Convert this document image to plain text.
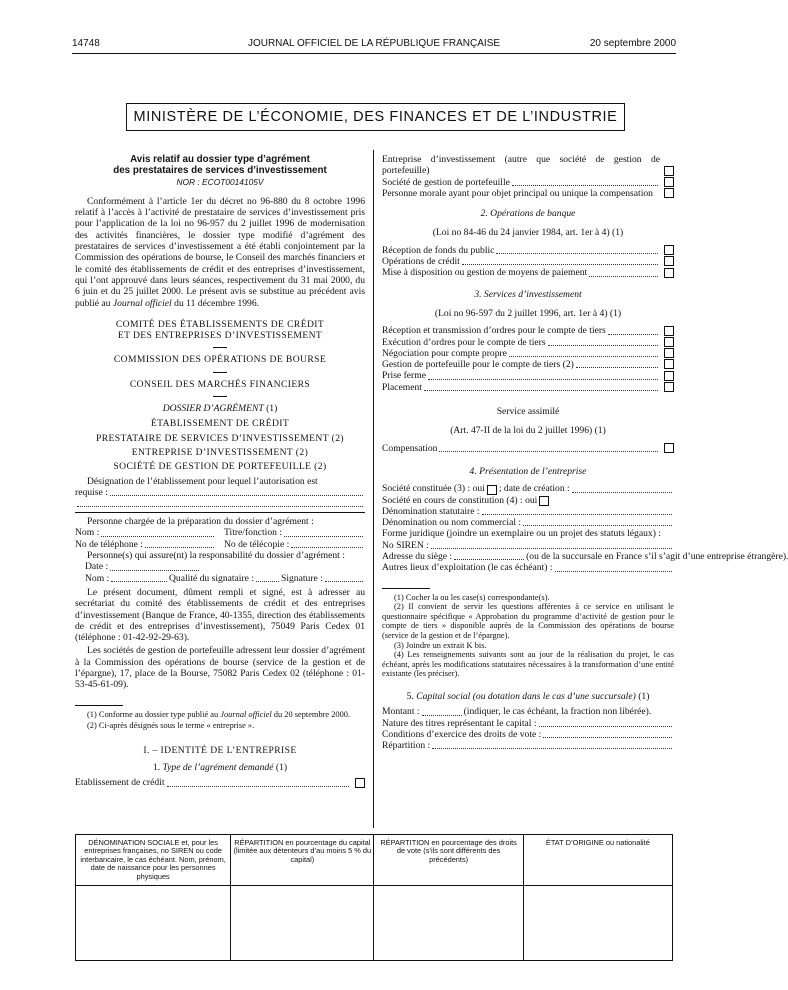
14748	JOURNAL OFFICIEL DE LA RÉPUBLIQUE FRANÇAISE	20 septembre 2000
MINISTÈRE DE L’ÉCONOMIE, DES FINANCES ET DE L’INDUSTRIE

Avis relatif au dossier type d’agrément

des prestataires de services d’investissement

NOR : ECOT0014105V

Conformément à l’article 1er du décret no 96-880 du 8 octobre 1996 relatif à l’accès à l’activité de prestataire de services d’investissement pris pour l’application de la loi no 96-957 du 2 juillet 1996 de modernisation des activités financières, le dossier type modifié d’agrément des prestataires de services d’investissement a été établi conjointement par la Commission des opérations de bourse, le Conseil des marchés financiers et le comité des établissements de crédit et des entreprises d’investissement, qui l’ont approuvé dans leurs séances, respectivement du 31 mai 2000, du 6 juin et du 25 juillet 2000. Le présent avis se substitue au précédent avis publié au Journal officiel du 11 décembre 1996.

COMITÉ DES ÉTABLISSEMENTS DE CRÉDIT

ET DES ENTREPRISES D’INVESTISSEMENT

COMMISSION DES OPÉRATIONS DE BOURSE

CONSEIL DES MARCHÉS FINANCIERS

DOSSIER D’AGRÉMENT (1)

ÉTABLISSEMENT DE CRÉDIT

PRESTATAIRE DE SERVICES D’INVESTISSEMENT (2)

ENTREPRISE D’INVESTISSEMENT (2)

SOCIÉTÉ DE GESTION DE PORTEFEUILLE (2)

Désignation de l’établissement pour lequel l’autorisation est

requise :

Personne chargée de la préparation du dossier d’agrément :

Nom :	Titre/fonction :
No de téléphone :	No de télécopie :

Personne(s) qui assure(nt) la responsabilité du dossier d’agrément :

Date :
Nom :	Qualité du signataire :	Signature :

Le présent document, dûment rempli et signé, est à adresser au secrétariat du comité des établissements de crédit et des entreprises d’investissement (Banque de France, 40-1355, direction des établissements de crédit et des entreprises d’investissement), 75049 Paris Cedex 01 (téléphone : 01-42-92-29-63).

Les sociétés de gestion de portefeuille adressent leur dossier d’agrément à la Commission des opérations de bourse (service de la gestion et de l’épargne), 17, place de la Bourse, 75082 Paris Cedex 02 (téléphone : 01-53-45-61-09).

(1) Conforme au dossier type publié au Journal officiel du 20 septembre 2000.

(2) Ci-après désignés sous le terme « entreprise ».

I. – IDENTITÉ DE L’ENTREPRISE

1. Type de l’agrément demandé (1)

Etablissement de crédit

Entreprise d’investissement (autre que société de gestion de portefeuille)

Société de gestion de portefeuille

Personne morale ayant pour objet principal ou unique la compensation

2. Opérations de banque

(Loi no 84-46 du 24 janvier 1984, art. 1er à 4) (1)

Réception de fonds du public
Opérations de crédit
Mise à disposition ou gestion de moyens de paiement

3. Services d’investissement

(Loi no 96-597 du 2 juillet 1996, art. 1er à 4) (1)

Réception et transmission d’ordres pour le compte de tiers
Exécution d’ordres pour le compte de tiers
Négociation pour compte propre
Gestion de portefeuille pour le compte de tiers (2)
Prise ferme
Placement

Service assimilé

(Art. 47-II de la loi du 2 juillet 1996) (1)

Compensation

4. Présentation de l’entreprise

Société constituée (3) : oui ; date de création :
Société en cours de constitution (4) : oui
Dénomination statutaire :
Dénomination ou nom commercial :

Forme juridique (joindre un exemplaire ou un projet des statuts légaux) :

No SIREN :
Adresse du siège :	(ou de la succursale en France s’il s’agit d’une entreprise étrangère).
Autres lieux d’exploitation (le cas échéant) :

(1) Cocher la ou les case(s) correspondante(s).

(2) Il convient de servir les questions afférentes à ce service en utilisant le questionnaire spécifique « Approbation du programme d’activité de gestion pour le compte de tiers » disponible auprès de la Commission des opérations de bourse (service de la gestion et de l’épargne).

(3) Joindre un extrait K bis.

(4) Les renseignements suivants sont au jour de la réalisation du projet, le cas échéant, après les modifications statutaires nécessaires à la transformation d’une entité existante (les préciser).

5. Capital social (ou dotation dans le cas d’une succursale) (1)

Montant :	(indiquer, le cas échéant, la fraction non libérée).
Nature des titres représentant le capital :
Conditions d’exercice des droits de vote :
Répartition :
DÉNOMINATION SOCIALE et, pour les entreprises françaises, no SIREN ou code interbancaire, le cas échéant. Nom, prénom, date de naissance pour les personnes physiques	RÉPARTITION en pourcentage du capital (limitée aux détenteurs d’au moins 5 % du capital)	RÉPARTITION en pourcentage des droits de vote (s’ils sont différents des précédents)	ÉTAT D’ORIGINE ou nationalité
